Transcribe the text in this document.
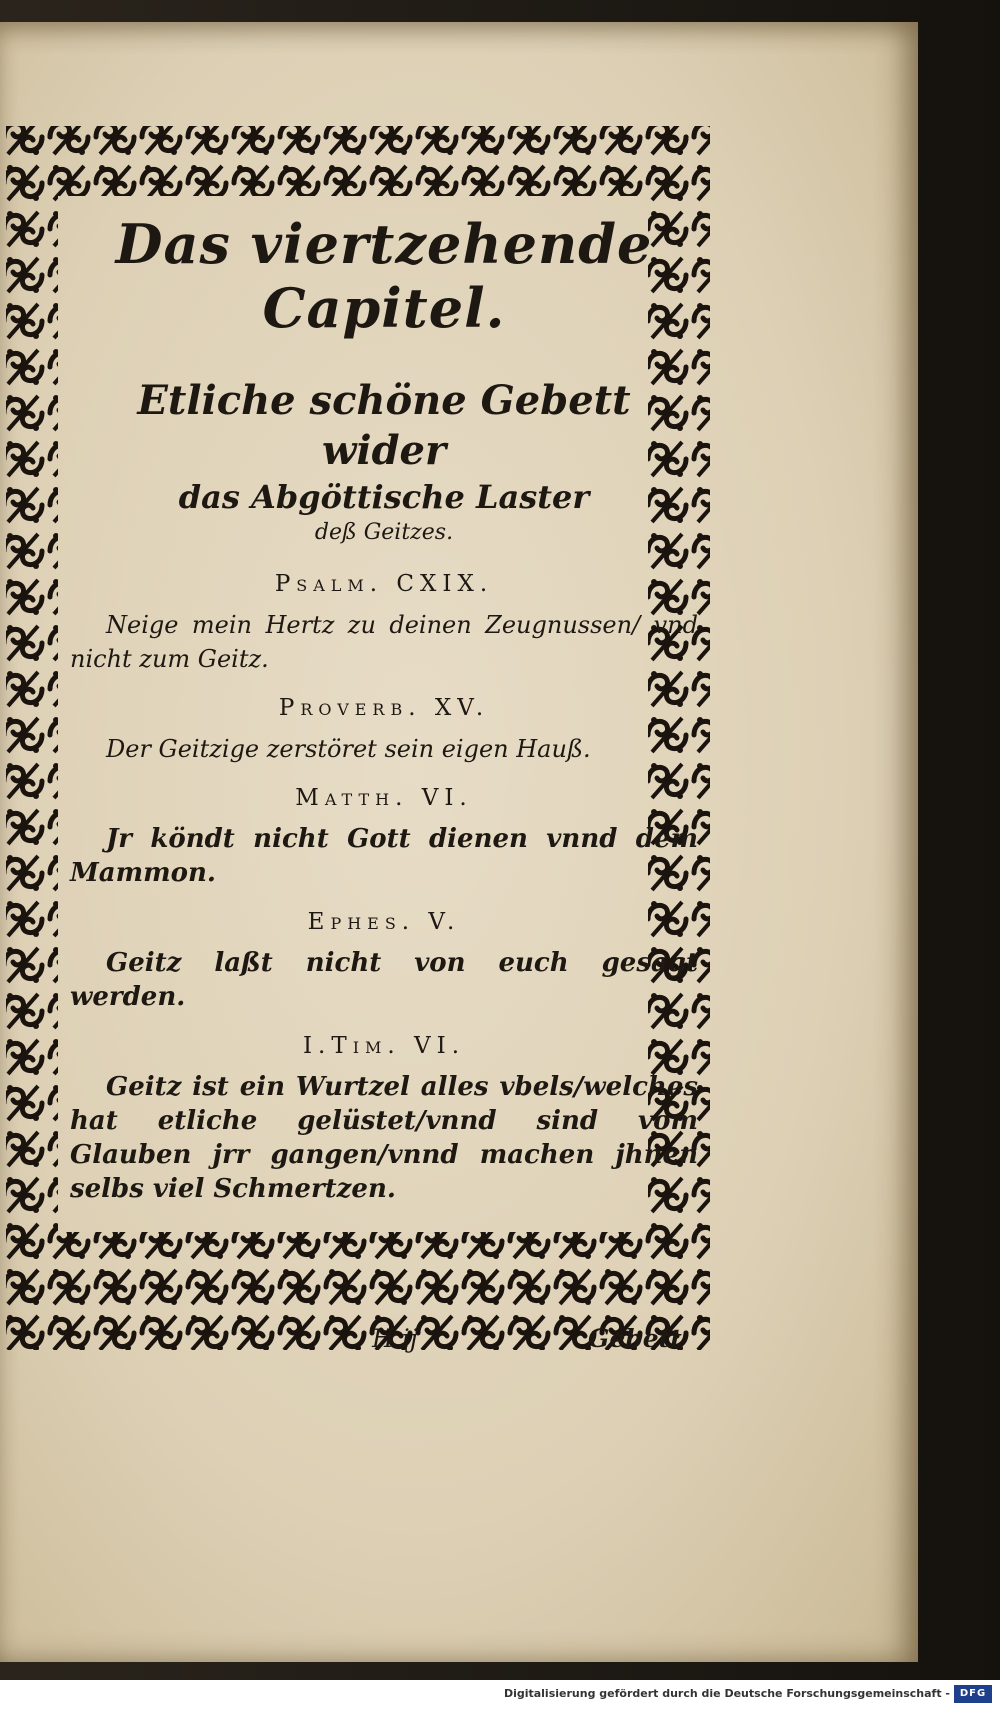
Das viertzehende
Capitel.
Etliche schöne Gebett wider
das Abgöttische Laster
deß Geitzes.
Psalm. CXIX.
Neige mein Hertz zu deinen Zeugnussen/ vnd nicht zum Geitz.
Proverb. XV.
Der Geitzige zerstöret sein eigen Hauß.
Matth. VI.
Jr köndt nicht Gott dienen vnnd dem Mammon.
Ephes. V.
Geitz laßt nicht von euch gesagt werden.
I.Tim. VI.
Geitz ist ein Wurtzel alles vbels/welches hat etliche gelüstet/vnnd sind vom Glauben jrr gangen/vnnd machen jhnen selbs viel Schmertzen.
H ij	Gebett
Digitalisierung gefördert durch die Deutsche Forschungsgemeinschaft - DFG
